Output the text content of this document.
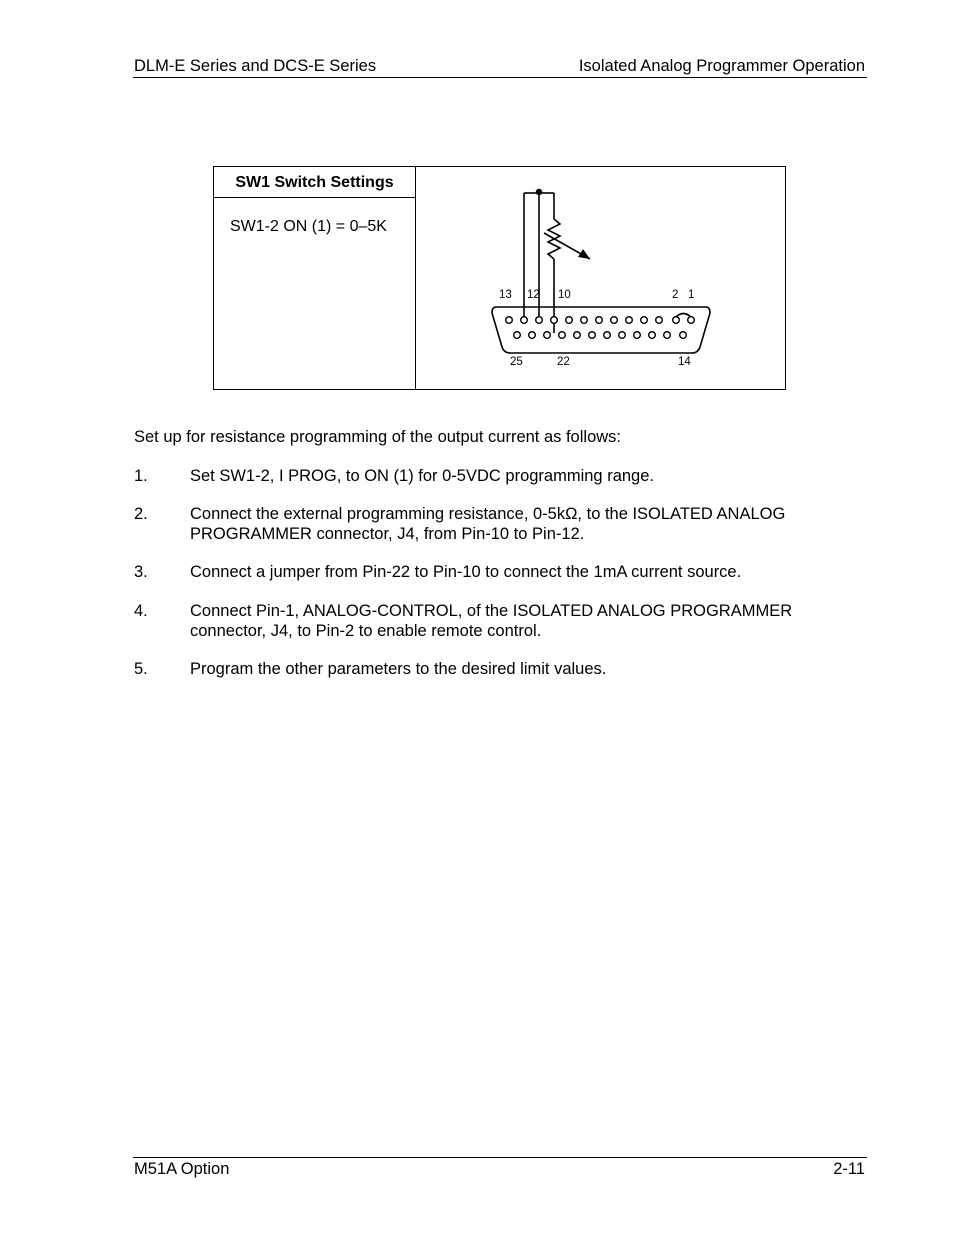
DLM-E Series and DCS-E Series	Isolated Analog Programmer Operation
SW1 Switch Settings
SW1-2 ON (1) = 0–5K
13 12 10	2 1
25	22	14
Set up for resistance programming of the output current as follows:
1.	Set SW1-2, I PROG, to ON (1) for 0-5VDC programming range.
2.	Connect the external programming resistance, 0-5kΩ, to the ISOLATED ANALOG PROGRAMMER connector, J4, from Pin-10 to Pin-12.
3.	Connect a jumper from Pin-22 to Pin-10 to connect the 1mA current source.
4.	Connect Pin-1, ANALOG-CONTROL, of the ISOLATED ANALOG PROGRAMMER connector, J4, to Pin-2 to enable remote control.
5.	Program the other parameters to the desired limit values.
M51A Option	2-11
